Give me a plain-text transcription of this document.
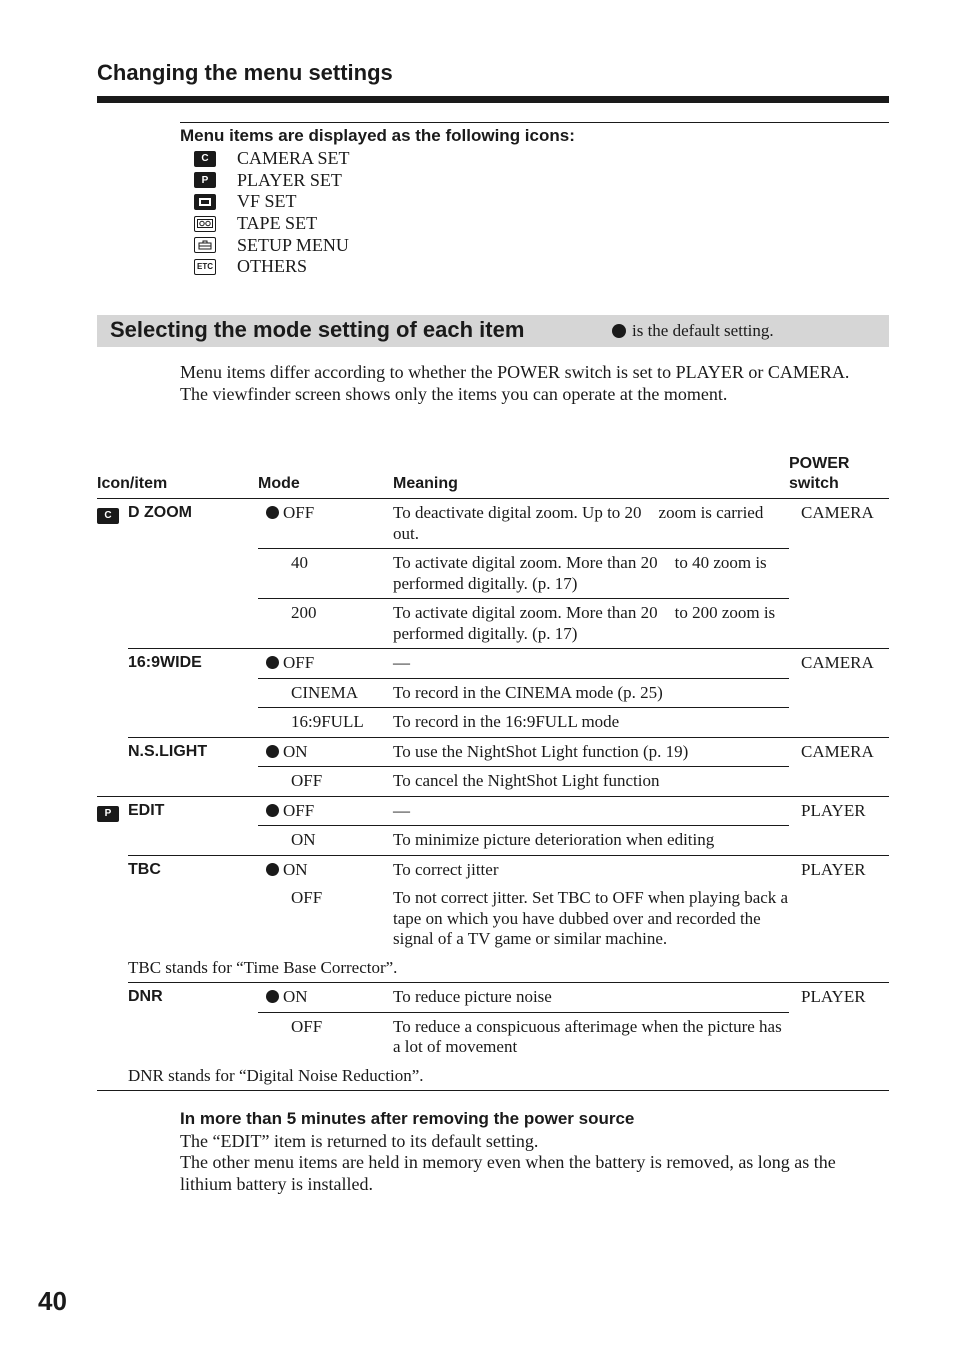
Changing the menu settings
Menu items are displayed as the following icons:
C	CAMERA SET
P	PLAYER SET
VF SET
TAPE SET
SETUP MENU
ETC OTHERS
Selecting the mode setting of each item	is the default setting.

Menu items differ according to whether the POWER switch is set to PLAYER or CAMERA.

The viewfinder screen shows only the items you can operate at the moment.

Icon/item		Mode	Meaning	POWER
switch
C	D ZOOM	OFF	To deactivate digital zoom. Up to 20  zoom is carried out.	CAMERA
		40	To activate digital zoom. More than 20  to 40 zoom is performed digitally. (p. 17)	
		200	To activate digital zoom. More than 20  to 200 zoom is performed digitally. (p. 17)	
	16:9WIDE	OFF	—	CAMERA
		CINEMA	To record in the CINEMA mode (p. 25)	
		16:9FULL	To record in the 16:9FULL mode	
	N.S.LIGHT	ON	To use the NightShot Light function (p. 19)	CAMERA
		OFF	To cancel the NightShot Light function	
P	EDIT	OFF	—	PLAYER
		ON	To minimize picture deterioration when editing	
	TBC	ON	To correct jitter	PLAYER
		OFF	To not correct jitter. Set TBC to OFF when playing back a tape on which you have dubbed over and recorded the signal of a TV game or similar machine.	
	TBC stands for “Time Base Corrector”.			
	DNR	ON	To reduce picture noise	PLAYER
		OFF	To reduce a conspicuous afterimage when the picture has a lot of movement	
	DNR stands for “Digital Noise Reduction”.			

In more than 5 minutes after removing the power source

The “EDIT” item is returned to its default setting.

The other menu items are held in memory even when the battery is removed, as long as the lithium battery is installed.

40
